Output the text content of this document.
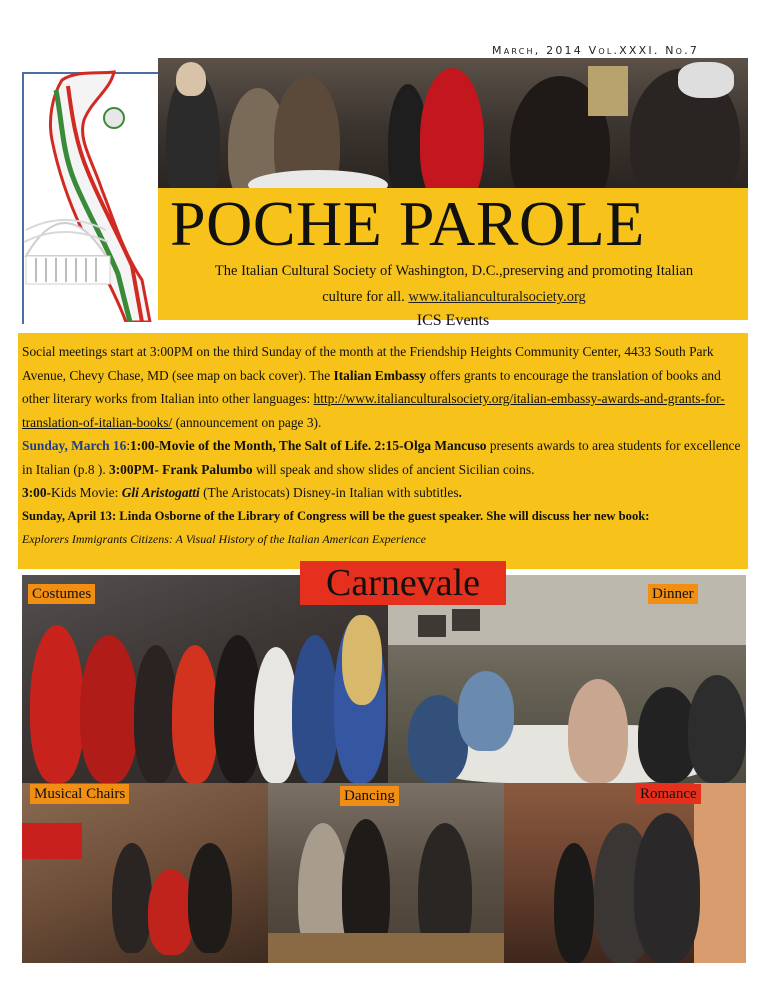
March, 2014 Vol.XXXI. No.7
POCHE PAROLE
The Italian Cultural Society of Washington, D.C.,preserving and promoting Italian
culture for all. www.italianculturalsociety.org
ICS Events
Social meetings start at 3:00PM on the third Sunday of the month at the Friendship Heights Community Center, 4433 South Park Avenue, Chevy Chase, MD (see map on back cover). The Italian Embassy offers grants to encourage the translation of books and other literary works from Italian into other languages: http://www.italianculturalsociety.org/italian-embassy-awards-and-grants-for-translation-of-italian-books/ (announcement on page 3).
Sunday, March 16:1:00-Movie of the Month, The Salt of Life. 2:15-Olga Mancuso presents awards to area students for excellence in Italian (p.8 ). 3:00PM- Frank Palumbo will speak and show slides of ancient Sicilian coins.
3:00-Kids Movie: Gli Aristogatti (The Aristocats) Disney-in Italian with subtitles.
Sunday, April 13: Linda Osborne of the Library of Congress will be the guest speaker. She will discuss her new book:
Explorers Immigrants Citizens: A Visual History of the Italian American Experience
Carnevale
Costumes	Dinner
Musical Chairs	Dancing	Romance
